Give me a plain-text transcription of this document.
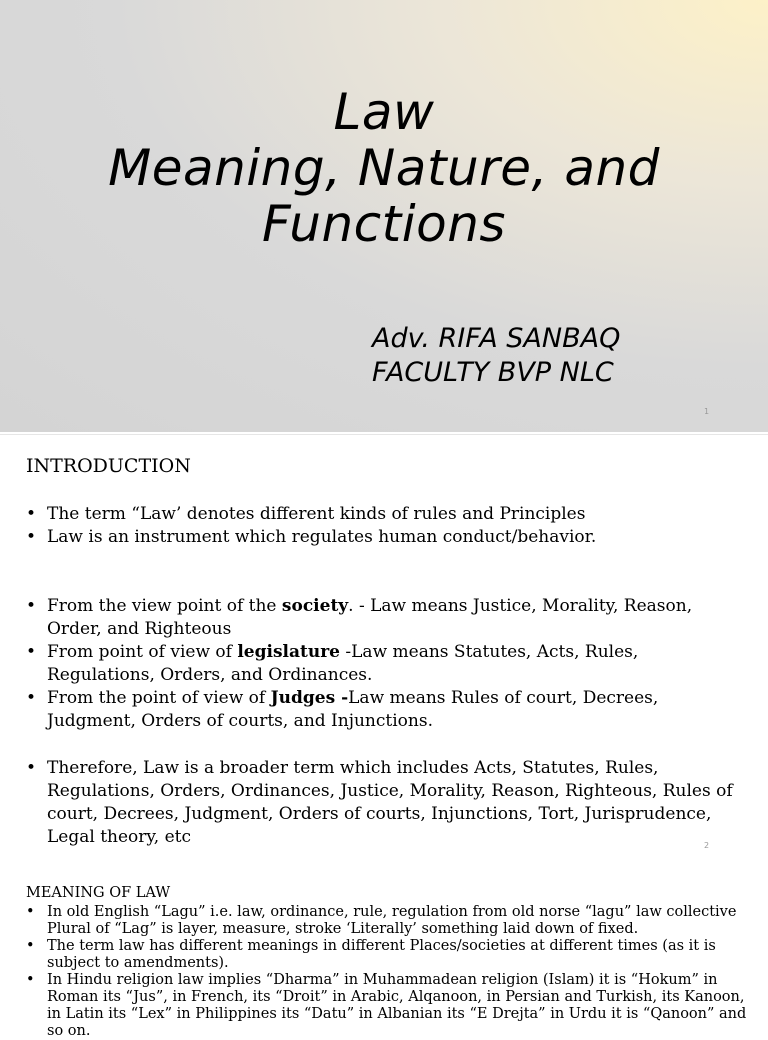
Law
Meaning, Nature, and
Functions
Adv. RIFA SANBAQ
FACULTY BVP NLC
1
INTRODUCTION
• The term “Law’ denotes different kinds of rules and Principles
• Law is an instrument which regulates human conduct/behavior.
• From the view point of the society. - Law means Justice, Morality, Reason, Order, and Righteous
• From point of view of legislature -Law means Statutes, Acts, Rules, Regulations, Orders, and Ordinances.
• From the point of view of Judges -Law means Rules of court, Decrees, Judgment, Orders of courts, and Injunctions.
• Therefore, Law is a broader term which includes Acts, Statutes, Rules, Regulations, Orders, Ordinances, Justice, Morality, Reason, Righteous, Rules of court, Decrees, Judgment, Orders of courts, Injunctions, Tort, Jurisprudence, Legal theory, etc	2
MEANING OF LAW
• In old English “Lagu” i.e. law, ordinance, rule, regulation from old norse “lagu” law collective Plural of “Lag” is layer, measure, stroke ‘Literally’ something laid down of fixed.
• The term law has different meanings in different Places/societies at different times (as it is subject to amendments).
• In Hindu religion law implies “Dharma” in Muhammadean religion (Islam) it is “Hokum” in Roman its “Jus”, in French, its “Droit” in Arabic, Alqanoon, in Persian and Turkish, its Kanoon, in Latin its “Lex” in Philippines its “Datu” in Albanian its “E Drejta” in Urdu it is “Qanoon” and so on.
